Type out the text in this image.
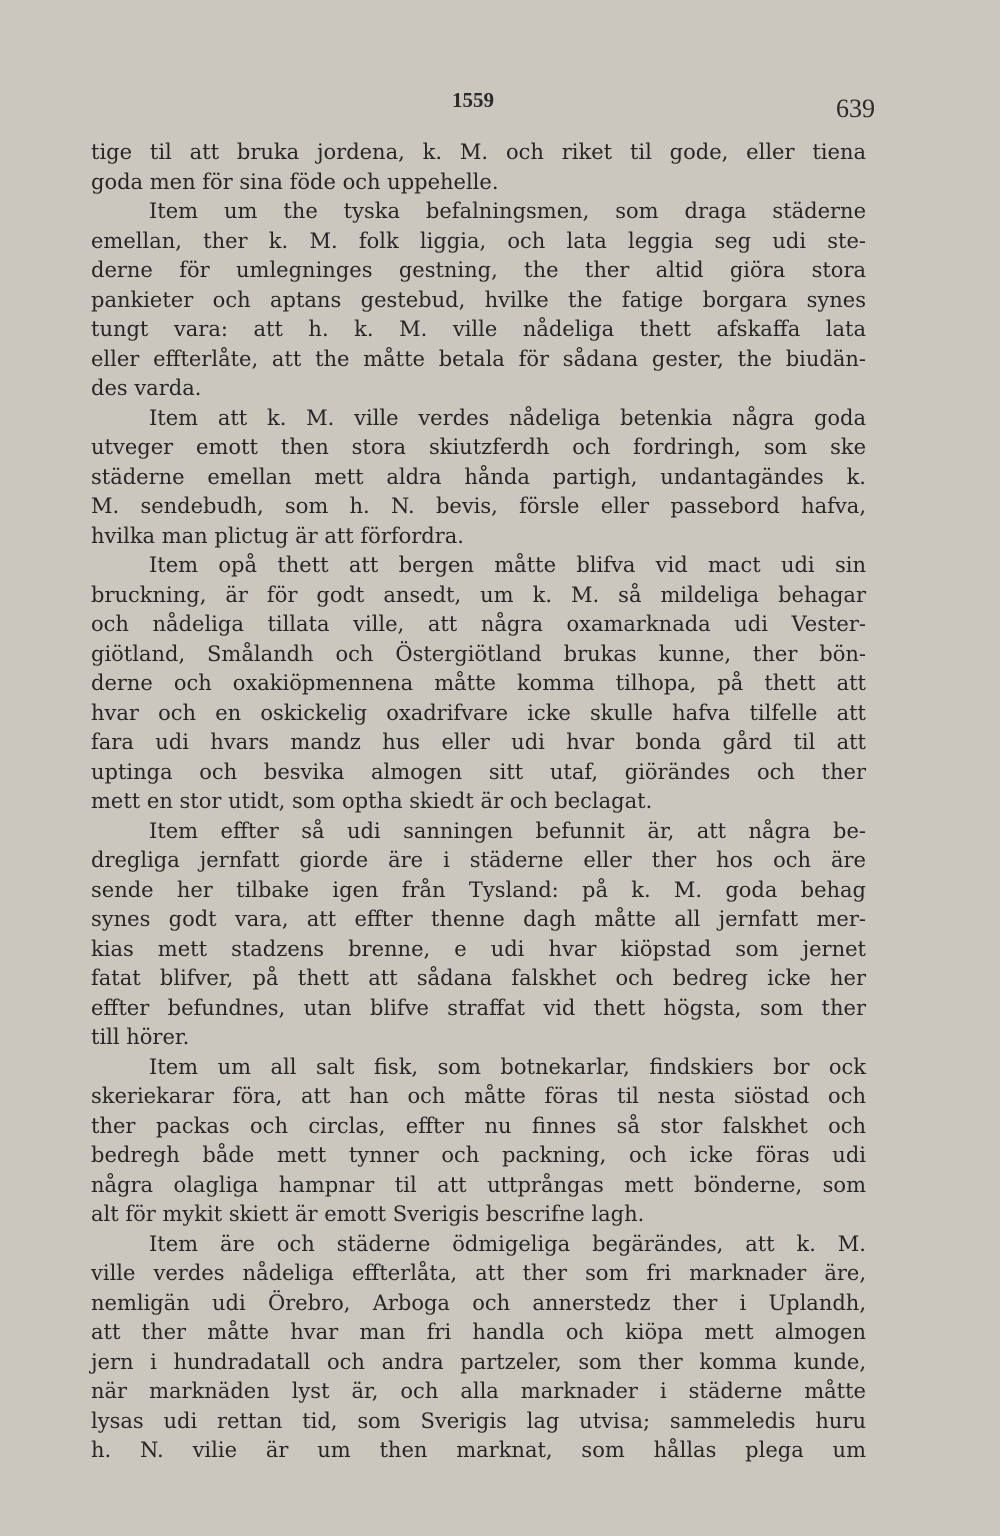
1559	639
tige til att bruka jordena, k. M. och riket til gode, eller tiena
goda men för sina föde och uppehelle.
Item um the tyska befalningsmen, som draga städerne
emellan, ther k. M. folk liggia, och lata leggia seg udi ste-
derne för umlegninges gestning, the ther altid giöra stora
pankieter och aptans gestebud, hvilke the fatige borgara synes
tungt vara: att h. k. M. ville nådeliga thett afskaffa lata
eller effterlåte, att the måtte betala för sådana gester, the biudän-
des varda.
Item att k. M. ville verdes nådeliga betenkia några goda
utveger emott then stora skiutzferdh och fordringh, som ske
städerne emellan mett aldra hånda partigh, undantagändes k.
M. sendebudh, som h. N. bevis, försle eller passebord hafva,
hvilka man plictug är att förfordra.
Item opå thett att bergen måtte blifva vid mact udi sin
bruckning, är för godt ansedt, um k. M. så mildeliga behagar
och nådeliga tillata ville, att några oxamarknada udi Vester-
giötland, Smålandh och Östergiötland brukas kunne, ther bön-
derne och oxakiöpmennena måtte komma tilhopa, på thett att
hvar och en oskickelig oxadrifvare icke skulle hafva tilfelle att
fara udi hvars mandz hus eller udi hvar bonda gård til att
uptinga och besvika almogen sitt utaf, giörändes och ther
mett en stor utidt, som optha skiedt är och beclagat.
Item effter så udi sanningen befunnit är, att några be-
dregliga jernfatt giorde äre i städerne eller ther hos och äre
sende her tilbake igen från Tysland: på k. M. goda behag
synes godt vara, att effter thenne dagh måtte all jernfatt mer-
kias mett stadzens brenne, e udi hvar kiöpstad som jernet
fatat blifver, på thett att sådana falskhet och bedreg icke her
effter befundnes, utan blifve straffat vid thett högsta, som ther
till hörer.
Item um all salt fisk, som botnekarlar, findskiers bor ock
skeriekarar föra, att han och måtte föras til nesta siöstad och
ther packas och circlas, effter nu finnes så stor falskhet och
bedregh både mett tynner och packning, och icke föras udi
några olagliga hampnar til att uttprångas mett bönderne, som
alt för mykit skiett är emott Sverigis bescrifne lagh.
Item äre och städerne ödmigeliga begärändes, att k. M.
ville verdes nådeliga effterlåta, att ther som fri marknader äre,
nemligän udi Örebro, Arboga och annerstedz ther i Uplandh,
att ther måtte hvar man fri handla och kiöpa mett almogen
jern i hundradatall och andra partzeler, som ther komma kunde,
när marknäden lyst är, och alla marknader i städerne måtte
lysas udi rettan tid, som Sverigis lag utvisa; sammeledis huru
h. N. vilie är um then marknat, som hållas plega um
